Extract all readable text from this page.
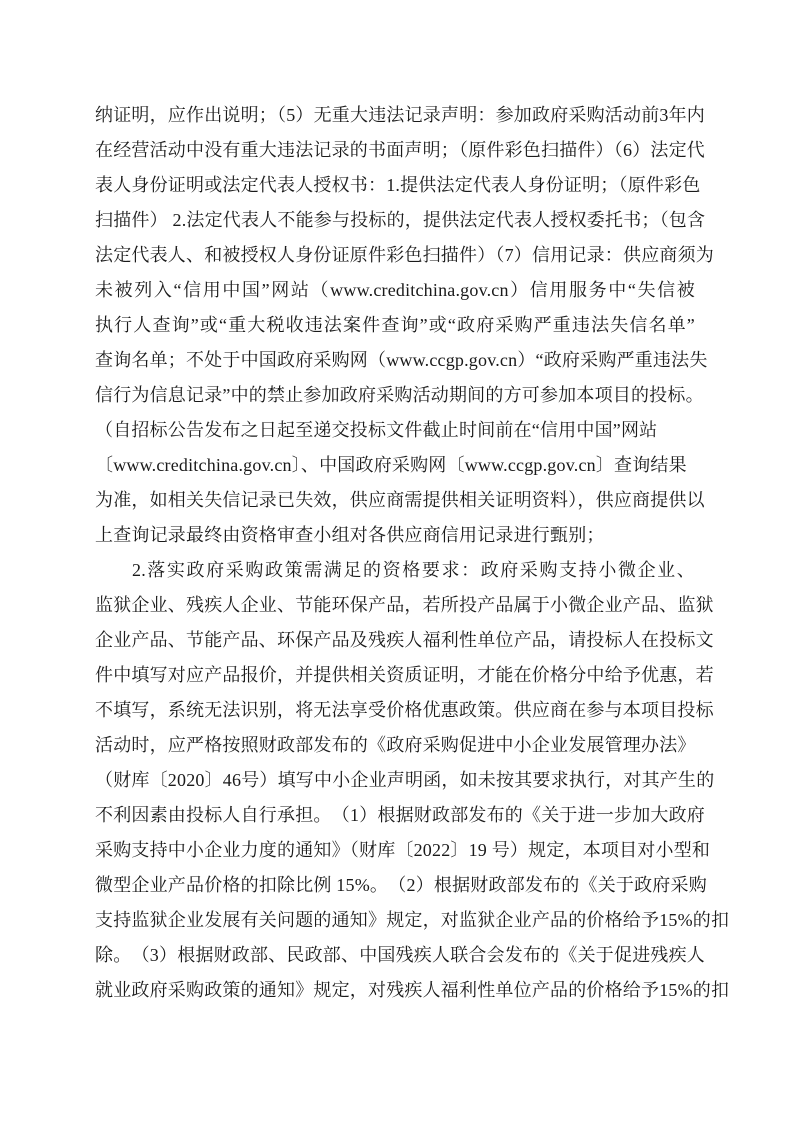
纳证明，应作出说明；（5）无重大违法记录声明：参加政府采购活动前3年内
在经营活动中没有重大违法记录的书面声明；（原件彩色扫描件）（6）法定代
表人身份证明或法定代表人授权书：1.提供法定代表人身份证明；（原件彩色
扫描件） 2.法定代表人不能参与投标的，提供法定代表人授权委托书；（包含
法定代表人、和被授权人身份证原件彩色扫描件）（7）信用记录：供应商须为
未被列入“信用中国”网站（www.creditchina.gov.cn）信用服务中“失信被
执行人查询”或“重大税收违法案件查询”或“政府采购严重违法失信名单”
查询名单；不处于中国政府采购网（www.ccgp.gov.cn）“政府采购严重违法失
信行为信息记录”中的禁止参加政府采购活动期间的方可参加本项目的投标。
（自招标公告发布之日起至递交投标文件截止时间前在“信用中国”网站
〔www.creditchina.gov.cn〕、中国政府采购网〔www.ccgp.gov.cn〕查询结果
为准，如相关失信记录已失效，供应商需提供相关证明资料），供应商提供以
上查询记录最终由资格审查小组对各供应商信用记录进行甄别；
2.落实政府采购政策需满足的资格要求：政府采购支持小微企业、
监狱企业、残疾人企业、节能环保产品，若所投产品属于小微企业产品、监狱
企业产品、节能产品、环保产品及残疾人福利性单位产品，请投标人在投标文
件中填写对应产品报价，并提供相关资质证明，才能在价格分中给予优惠，若
不填写，系统无法识别，将无法享受价格优惠政策。供应商在参与本项目投标
活动时，应严格按照财政部发布的《政府采购促进中小企业发展管理办法》
（财库〔2020〕46号）填写中小企业声明函，如未按其要求执行，对其产生的
不利因素由投标人自行承担。　（1）根据财政部发布的《关于进一步加大政府
采购支持中小企业力度的通知》（财库〔2022〕19 号）规定，本项目对小型和
微型企业产品价格的扣除比例 15%。　（2）根据财政部发布的《关于政府采购
支持监狱企业发展有关问题的通知》规定，对监狱企业产品的价格给予15%的扣
除。　（3）根据财政部、民政部、中国残疾人联合会发布的《关于促进残疾人
就业政府采购政策的通知》规定，对残疾人福利性单位产品的价格给予15%的扣
